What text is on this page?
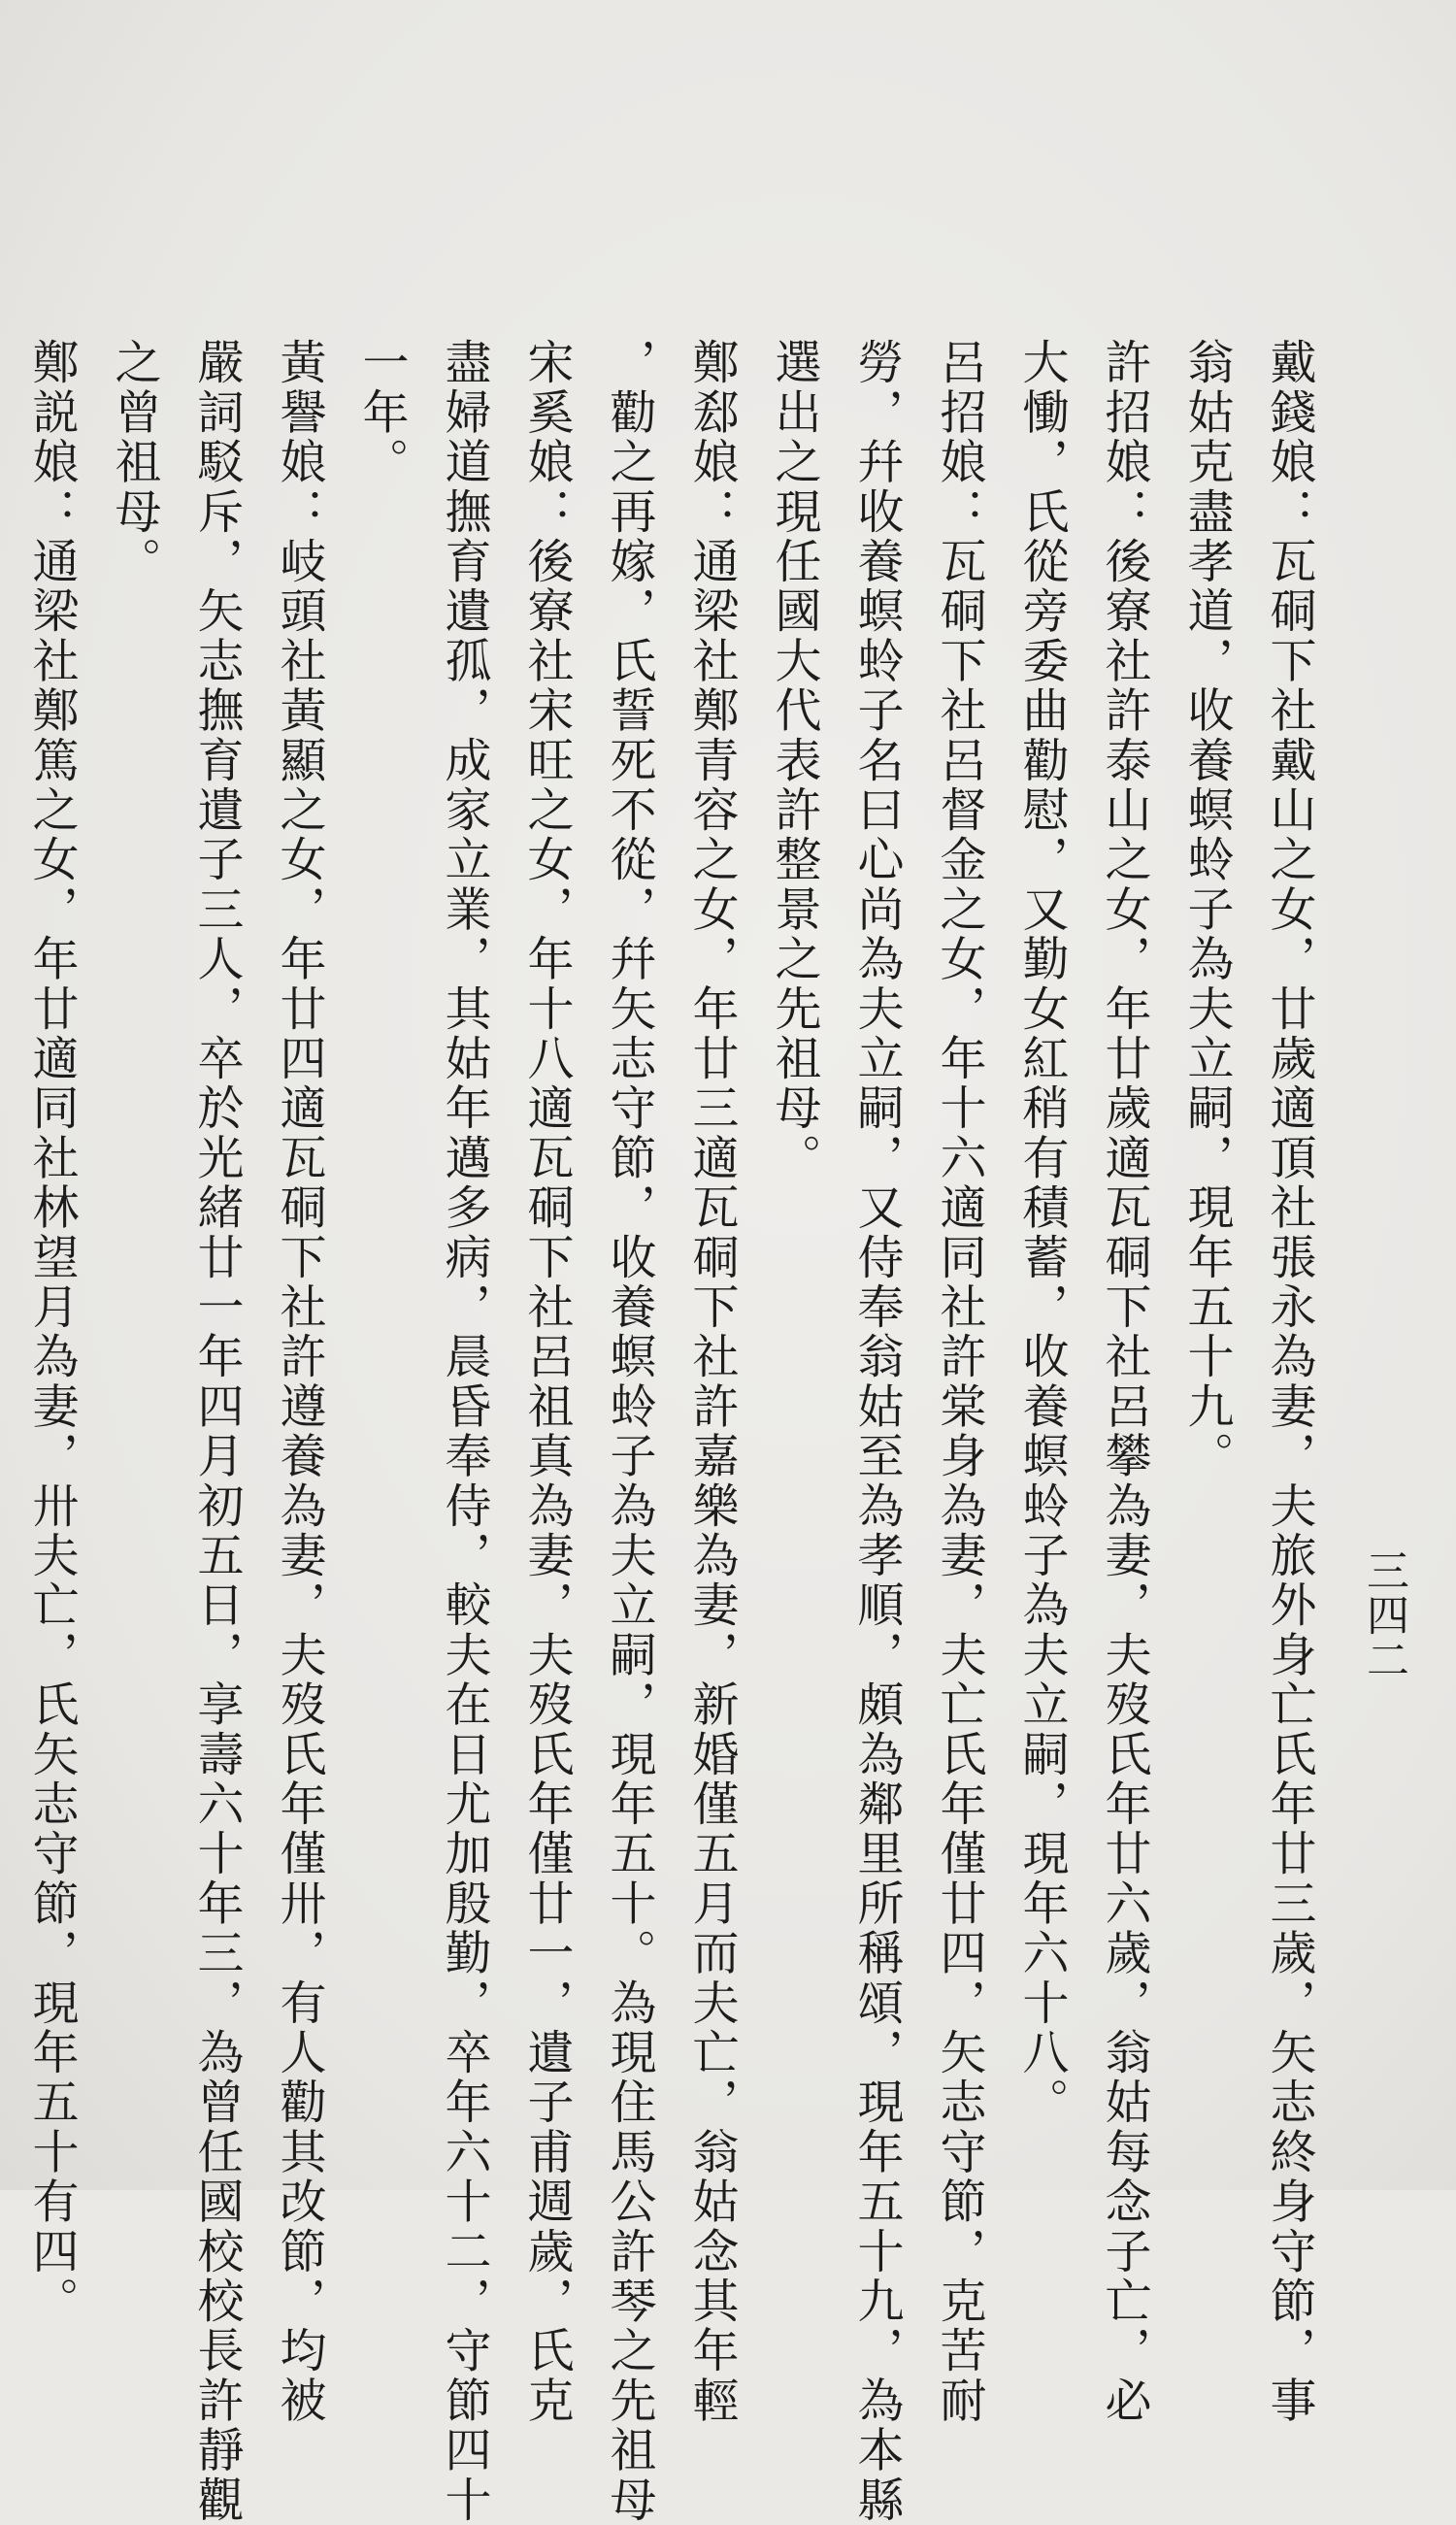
三四二

戴錢娘：瓦硐下社戴山之女，廿歲適頂社張永為妻，夫旅外身亡氏年廿三歲，矢志終身守節，事
翁姑克盡孝道，收養螟蛉子為夫立嗣，現年五十九。

許招娘：後寮社許泰山之女，年廿歲適瓦硐下社呂攀為妻，夫歿氏年廿六歲，翁姑每念子亡，必
大慟，氏從旁委曲勸慰，又勤女紅稍有積蓄，收養螟蛉子為夫立嗣，現年六十八。

呂招娘：瓦硐下社呂督金之女，年十六適同社許棠身為妻，夫亡氏年僅廿四，矢志守節，克苦耐
勞，幷收養螟蛉子名曰心尚為夫立嗣，又侍奉翁姑至為孝順，頗為鄰里所稱頌，現年五十九，為本縣
選出之現任國大代表許整景之先祖母。

鄭郄娘：通梁社鄭青容之女，年廿三適瓦硐下社許嘉樂為妻，新婚僅五月而夫亡，翁姑念其年輕
，勸之再嫁，氏誓死不從，幷矢志守節，收養螟蛉子為夫立嗣，現年五十。為現住馬公許琴之先祖母

宋奚娘：後寮社宋旺之女，年十八適瓦硐下社呂祖真為妻，夫歿氏年僅廿一，遺子甫週歲，氏克
盡婦道撫育遺孤，成家立業，其姑年邁多病，晨昏奉侍，較夫在日尤加殷勤，卒年六十二，守節四十
一年。

黃譽娘：岐頭社黃顯之女，年廿四適瓦硐下社許遵養為妻，夫歿氏年僅卅，有人勸其改節，均被
嚴詞駁斥，矢志撫育遺子三人，卒於光緒廿一年四月初五日，享壽六十年三，為曾任國校校長許靜觀
之曾祖母。

鄭説娘：通梁社鄭篤之女，年廿適同社林望月為妻，卅夫亡，氏矢志守節，現年五十有四。
